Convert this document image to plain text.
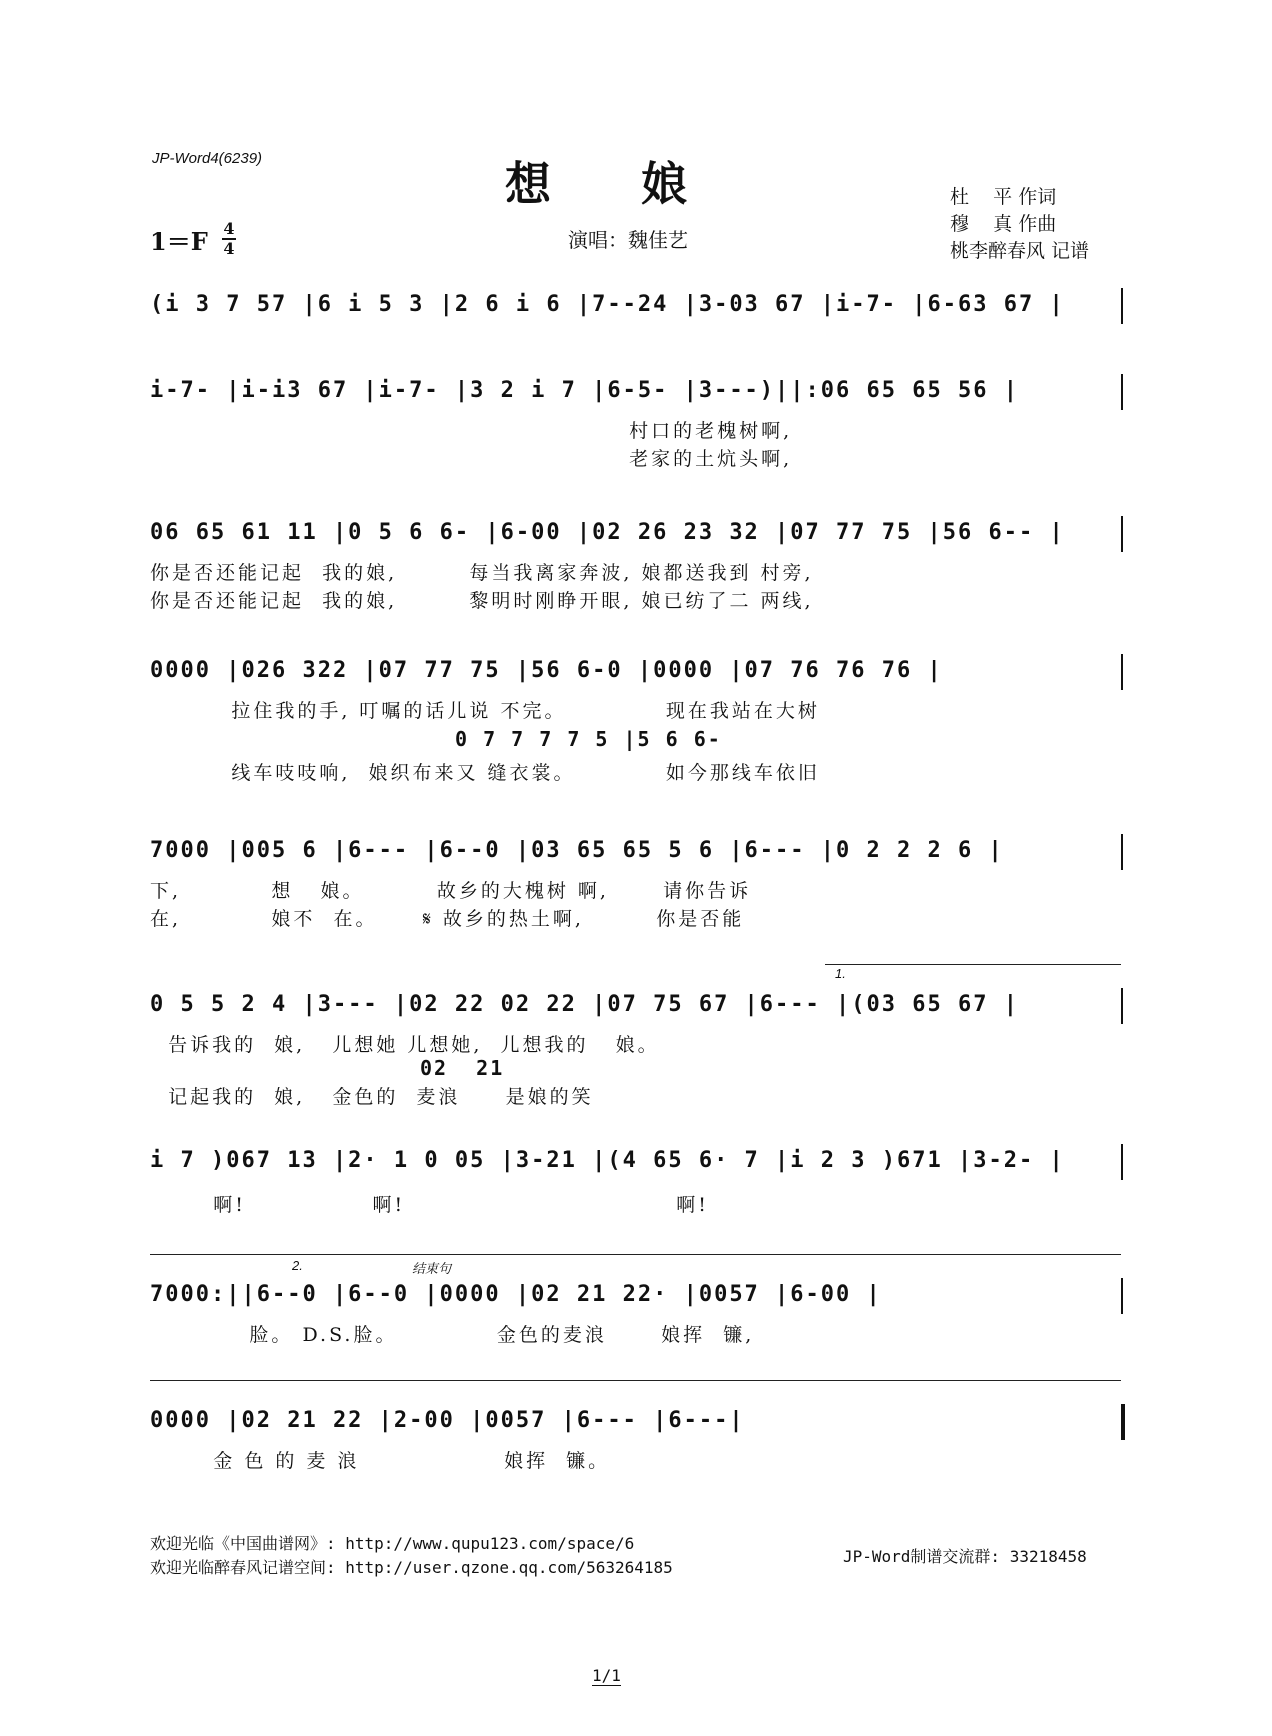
JP-Word4(6239)	想娘
1＝F 4
4	演唱：魏佳艺
杜    平 作词
穆    真 作曲
桃李醉春风 记谱
(i 3 7 57 |6 i 5 3 |2 6 i 6 |7--24 |3-03 67 |i-7- |6-63 67 |
i-7- |i-i3 67 |i-7- |3 2 i 7 |6-5- |3---)||:06 65 65 56 |
村口的老槐树啊,
老家的土炕头啊,
06 65 61 11 |0 5 6 6- |6-00 |02 26 23 32 |07 77 75 |56 6-- |
你是否还能记起  我的娘,        每当我离家奔波, 娘都送我到 村旁,
你是否还能记起  我的娘,        黎明时刚睁开眼, 娘已纺了二 两线,
0000 |026 322 |07 77 75 |56 6-0 |0000 |07 76 76 76 |
拉住我的手, 叮嘱的话儿说 不完。           现在我站在大树
0 7 7 7 7 5 |5 6 6-
线车吱吱响,  娘织布来又 缝衣裳。          如今那线车依旧
7000 |005 6 |6--- |6--0 |03 65 65 5 6 |6--- |0 2 2 2 6 |
下,          想   娘。        故乡的大槐树 啊,      请你告诉
在,          娘不  在。     𝄋 故乡的热土啊,        你是否能
1.
0 5 5 2 4 |3--- |02 22 02 22 |07 75 67 |6--- |(03 65 67 |
告诉我的  娘,   儿想她 儿想她,  儿想我的   娘。
02  21
记起我的  娘,   金色的  麦浪     是娘的笑
i 7 )067 13 |2· 1 0 05 |3-21 |(4 65 6· 7 |i 2 3 )671 |3-2- |
啊!              啊!                              啊!
2.	结束句
7000:||6--0 |6--0 |0000 |02 21 22· |0057 |6-00 |
脸。 D.S.脸。           金色的麦浪      娘挥  镰,
0000 |02 21 22 |2-00 |0057 |6--- |6---|
金 色 的 麦 浪                娘挥  镰。
欢迎光临《中国曲谱网》: http://www.qupu123.com/space/6
欢迎光临醉春风记谱空间: http://user.qzone.qq.com/563264185
JP-Word制谱交流群: 33218458
1/1
